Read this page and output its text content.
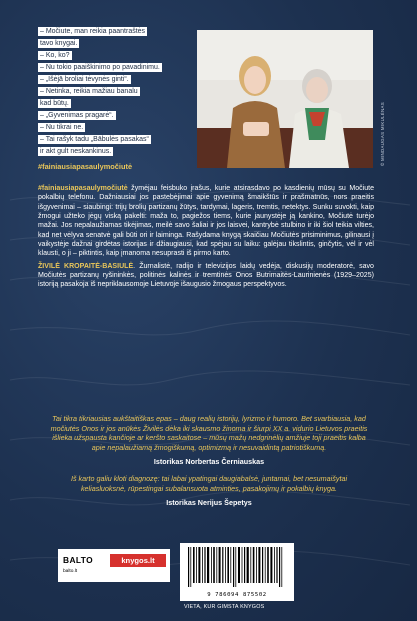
– Močiute, man reikia paantraštės

tavo knygai.

– Ko, ko?

– Nu tokio paaiškinimo po pavadinimu.

– „Išėjā broliai tėvynės ginti“.

– Netinka, reikia mažiau banalu

kad būtų.

– „Gyvenimas pragarė“.

– Nu tikrai ne.

– Tai rašyk tadu „Bābulės pasakas“

ir akt gult neskankinus.

#fainiausiapasaulymočiutė

#fainiausiapasaulymočiutė žymėjau feisbuko įrašus, kurie atsirasdavo po kasdienių mūsų su Močiute pokalbių telefonu. Dažniausiai jos pastebėjimai apie gyvenimą šmaikštūs ir prašmatnūs, nors praeitis išgyvenimai – siaubingi: trijų brolių partizanų žūtys, tardymai, lageris, tremtis, netektys. Sunku suvokti, kaip žmogui užteko jėgų viską pakelti: maža to, pagiežos tiems, kurie jaunystėje ją kankino, Močiutė turėjo mažai. Jos nepalaužiamas tikėjimas, meilė savo šaliai ir jos laisvei, kantrybė stulbino ir iki šiol teikia vilties, kad net vėlyva senatvė gali būti ori ir laiminga. Rašydama knygą skaičiau Močiutės prisiminimus, gilinausi į vaikystėje dažnai girdėtas istorijas ir džiaugiausi, kad spėjau su laiku: galėjau tikslintis, ginčytis, vėl ir vėl klausti, o ji – piktintis, kaip įmanoma nesuprasti iš pirmo karto.

ŽIVILĖ KROPAITĖ-BASIULĖ. Žurnalistė, radijo ir televizijos laidų vedėja, diskusijų moderatorė, savo Močiutės partizanų ryšininkės, politinės kalinės ir tremtinės Onos Butrimaitės-Laurinienės (1929–2025) istoriją pasakoja iš nepriklausomoje Lietuvoje išaugusio žmogaus perspektyvos.

Tai tikra tikriausias aukštaitiškas epas – daug realių istorijų, lyrizmo ir humoro. Bet svarbiausia, kad močiutės Onos ir jos anūkės Živilės dėka iki skausmo žinoma ir šiurpi XX a. vidurio Lietuvos praeitis išlieka užspausta kančioje ar keršto saskaitose – mūsų mažų nedgrinėlių amžiuje toji praeitis kalba apie nepalaužiamą žmogiškumą, optimizmą ir nesuvaidintą patriotiškumą.

Istorikas Norbertas Černiauskas

Iš karto galiu kloti diagnozę: tai labai ypatingai daugiabalsė, juntamai, bet nesumaišytai keliasluoksnė, rūpestingai subalansuota atminties, pasakojimų ir pokalbių knyga.

Istorikas Nerijus Šepetys

BALTO
balto.lt
knygos.lt
9 786094 875502
VIETA, KUR GIMSTA KNYGOS
